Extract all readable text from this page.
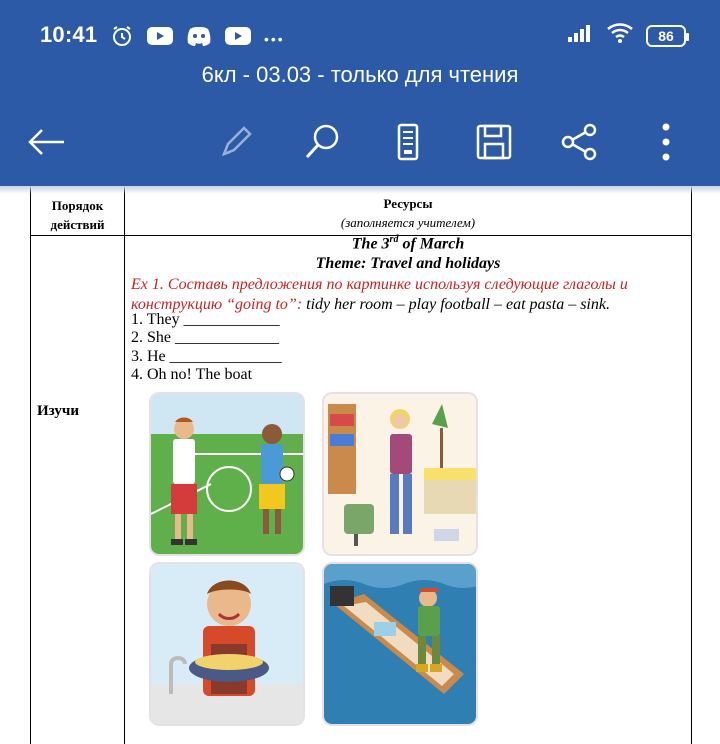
10:41	•••	86
6кл - 03.03 - только для чтения
Порядок действий
Ресурсы
(заполняется учителем)
The 3rd of March
Theme: Travel and holidays
Ex 1. Составь предложения по картинке используя следующие глаголы и конструкцию “going to”: tidy her room – play football – eat pasta – sink.
1. They ____________
2. She _____________
3. He ______________
4. Oh no! The boat
Изучи
